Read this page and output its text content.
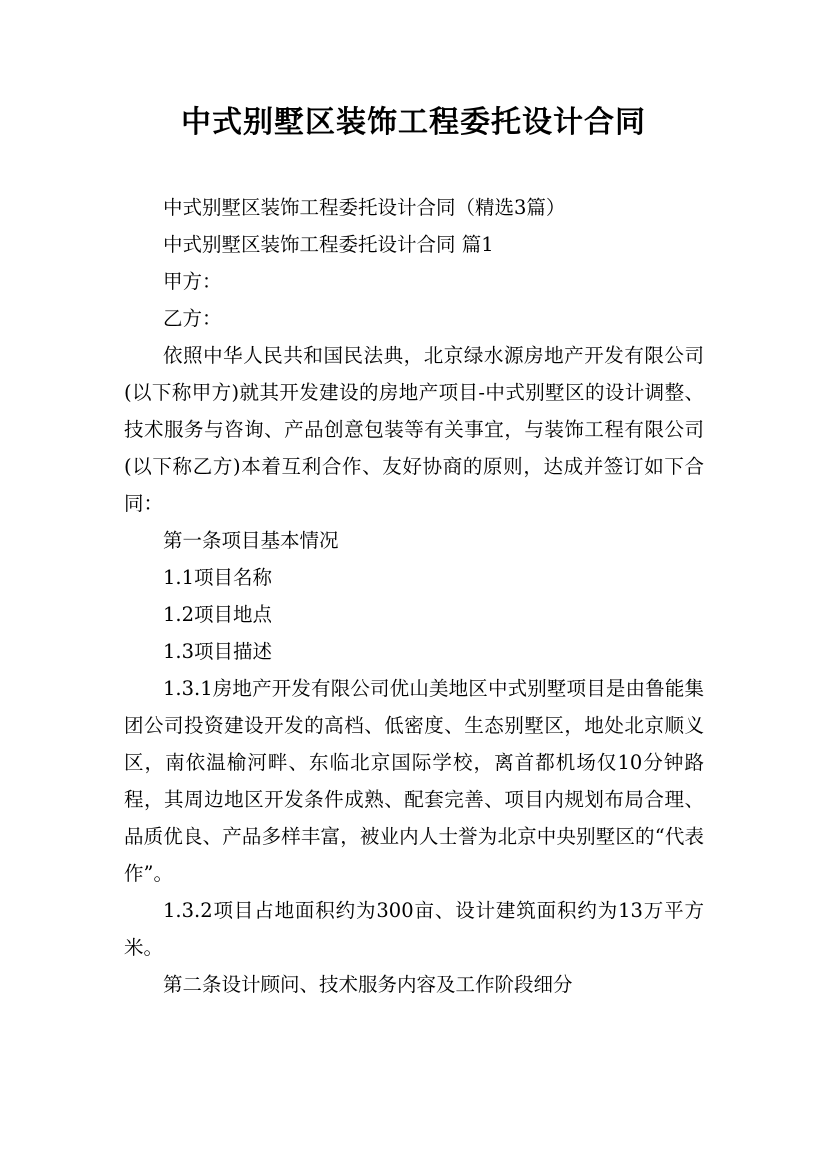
中式别墅区装饰工程委托设计合同

中式别墅区装饰工程委托设计合同（精选3篇）

中式别墅区装饰工程委托设计合同 篇1

甲方：

乙方：

依照中华人民共和国民法典，北京绿水源房地产开发有限公司(以下称甲方)就其开发建设的房地产项目-中式别墅区的设计调整、技术服务与咨询、产品创意包装等有关事宜，与装饰工程有限公司(以下称乙方)本着互利合作、友好协商的原则，达成并签订如下合同：

第一条项目基本情况

1.1项目名称

1.2项目地点

1.3项目描述

1.3.1房地产开发有限公司优山美地区中式别墅项目是由鲁能集团公司投资建设开发的高档、低密度、生态别墅区，地处北京顺义区，南依温榆河畔、东临北京国际学校，离首都机场仅10分钟路程，其周边地区开发条件成熟、配套完善、项目内规划布局合理、品质优良、产品多样丰富，被业内人士誉为北京中央别墅区的“代表作”。

1.3.2项目占地面积约为300亩、设计建筑面积约为13万平方米。

第二条设计顾问、技术服务内容及工作阶段细分
